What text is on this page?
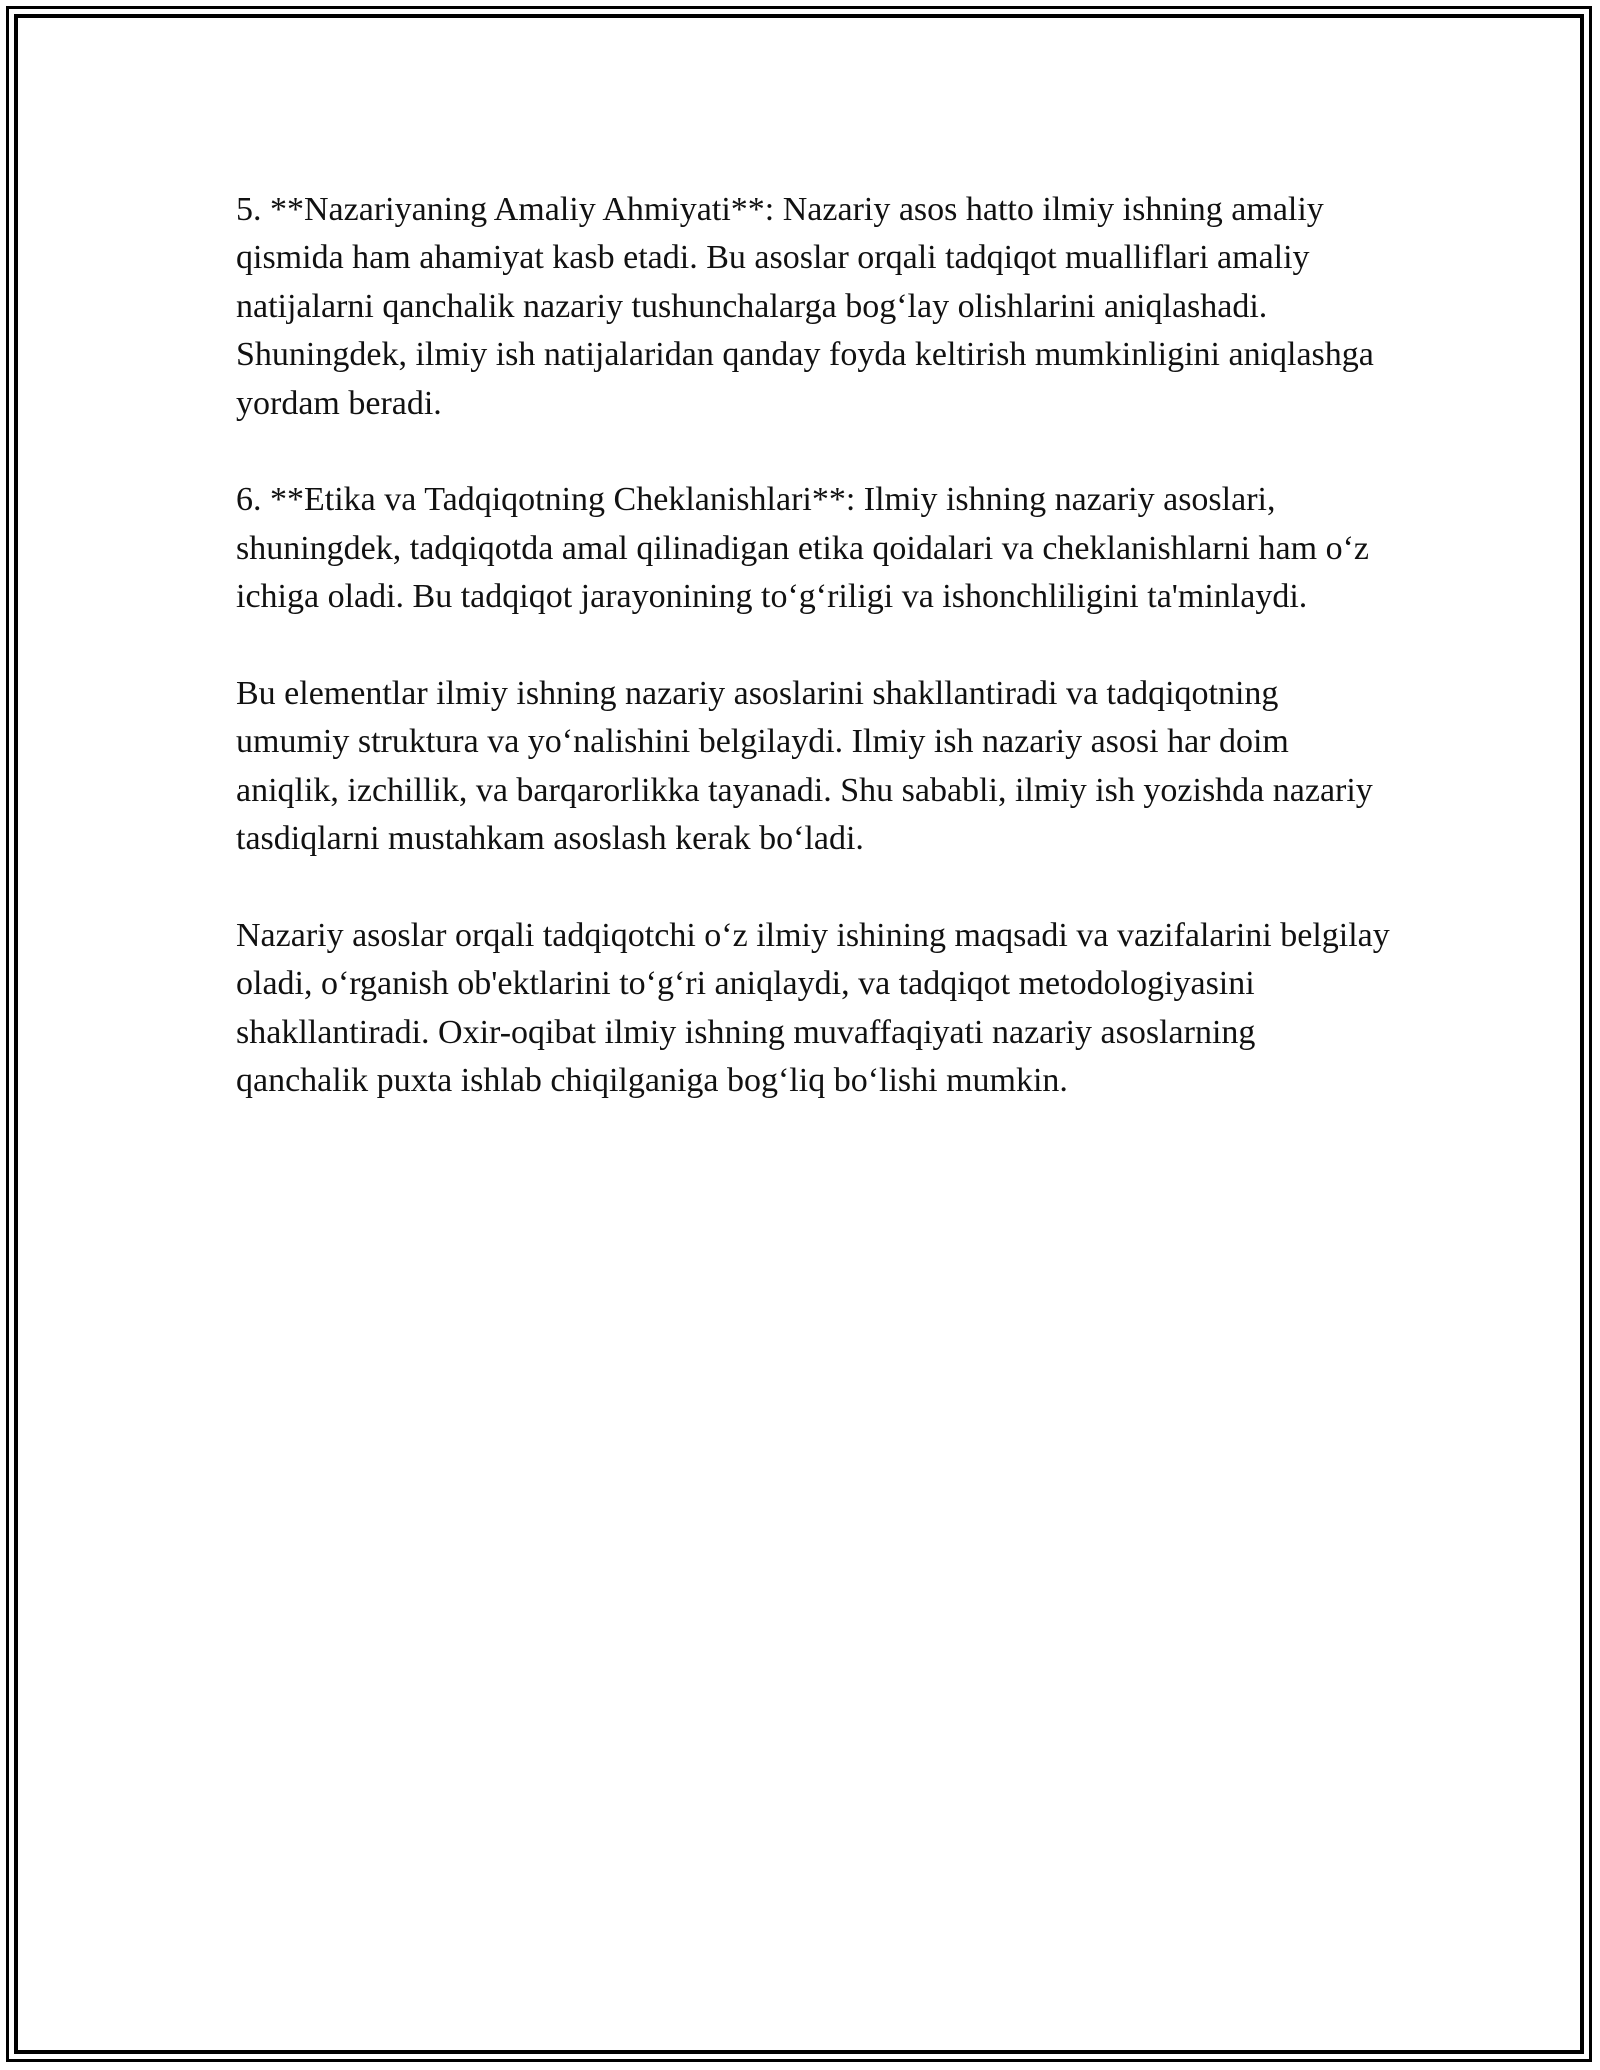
5. **Nazariyaning Amaliy Ahmiyati**: Nazariy asos hatto ilmiy ishning amaliy qismida ham ahamiyat kasb etadi. Bu asoslar orqali tadqiqot mualliflari amaliy natijalarni qanchalik nazariy tushunchalarga bog‘lay olishlarini aniqlashadi. Shuningdek, ilmiy ish natijalaridan qanday foyda keltirish mumkinligini aniqlashga yordam beradi.

6. **Etika va Tadqiqotning Cheklanishlari**: Ilmiy ishning nazariy asoslari, shuningdek, tadqiqotda amal qilinadigan etika qoidalari va cheklanishlarni ham o‘z ichiga oladi. Bu tadqiqot jarayonining to‘g‘riligi va ishonchliligini ta'minlaydi.

Bu elementlar ilmiy ishning nazariy asoslarini shakllantiradi va tadqiqotning umumiy struktura va yo‘nalishini belgilaydi. Ilmiy ish nazariy asosi har doim aniqlik, izchillik, va barqarorlikka tayanadi. Shu sababli, ilmiy ish yozishda nazariy tasdiqlarni mustahkam asoslash kerak bo‘ladi.

Nazariy asoslar orqali tadqiqotchi o‘z ilmiy ishining maqsadi va vazifalarini belgilay oladi, o‘rganish ob'ektlarini to‘g‘ri aniqlaydi, va tadqiqot metodologiyasini shakllantiradi. Oxir-oqibat ilmiy ishning muvaffaqiyati nazariy asoslarning qanchalik puxta ishlab chiqilganiga bog‘liq bo‘lishi mumkin.
